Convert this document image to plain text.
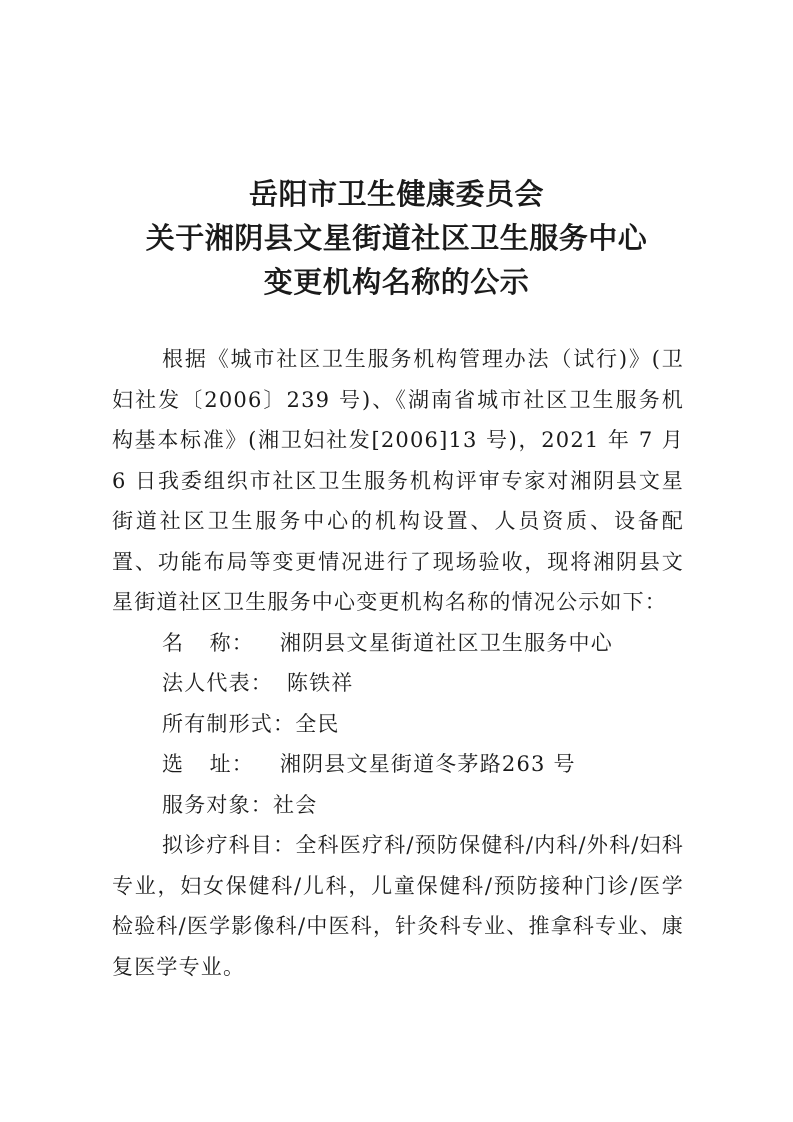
岳阳市卫生健康委员会
关于湘阴县文星街道社区卫生服务中心
变更机构名称的公示

根据《城市社区卫生服务机构管理办法（试行)》(卫妇社发〔2006〕239 号)、《湖南省城市社区卫生服务机构基本标准》(湘卫妇社发[2006]13 号)，2021 年 7 月 6 日我委组织市社区卫生服务机构评审专家对湘阴县文星街道社区卫生服务中心的机构设置、人员资质、设备配置、功能布局等变更情况进行了现场验收，现将湘阴县文星街道社区卫生服务中心变更机构名称的情况公示如下：

名 称： 湘阴县文星街道社区卫生服务中心

法人代表： 陈铁祥

所有制形式：全民

选 址： 湘阴县文星街道冬茅路263 号

服务对象：社会

拟诊疗科目：全科医疗科/预防保健科/内科/外科/妇科专业，妇女保健科/儿科，儿童保健科/预防接种门诊/医学检验科/医学影像科/中医科，针灸科专业、推拿科专业、康复医学专业。
